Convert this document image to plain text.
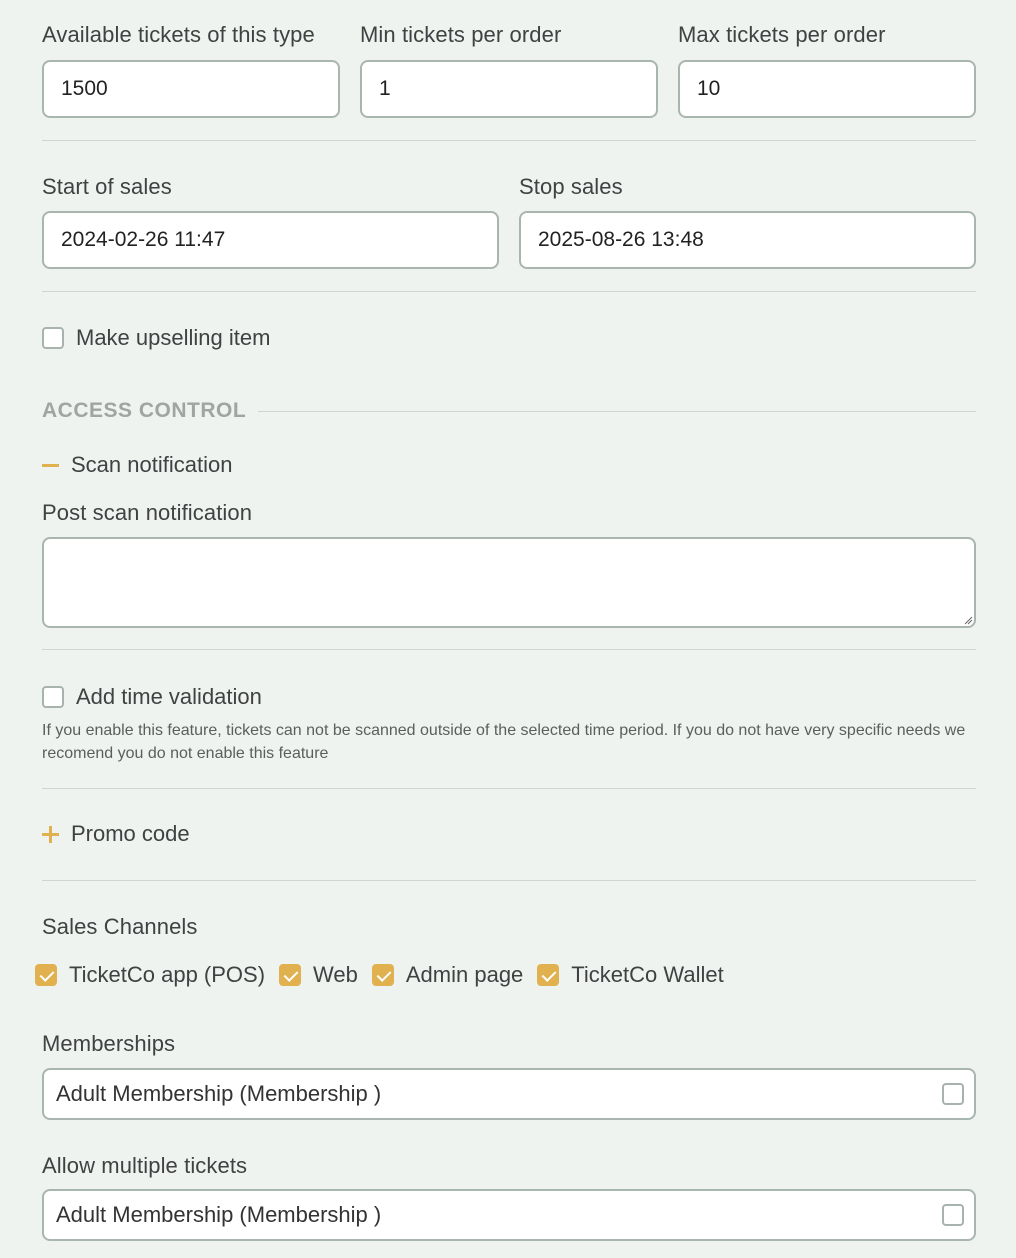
Available tickets of this type
1500
Min tickets per order
1
Max tickets per order
10
Start of sales
2024-02-26 11:47
Stop sales
2025-08-26 13:48
Make upselling item
ACCESS CONTROL
Scan notification
Post scan notification
Add time validation
If you enable this feature, tickets can not be scanned outside of the selected time period. If you do not have very specific needs we recomend you do not enable this feature
Promo code
Sales Channels
TicketCo app (POS) Web Admin page TicketCo Wallet
Memberships
Adult Membership (Membership )
Allow multiple tickets
Adult Membership (Membership )
